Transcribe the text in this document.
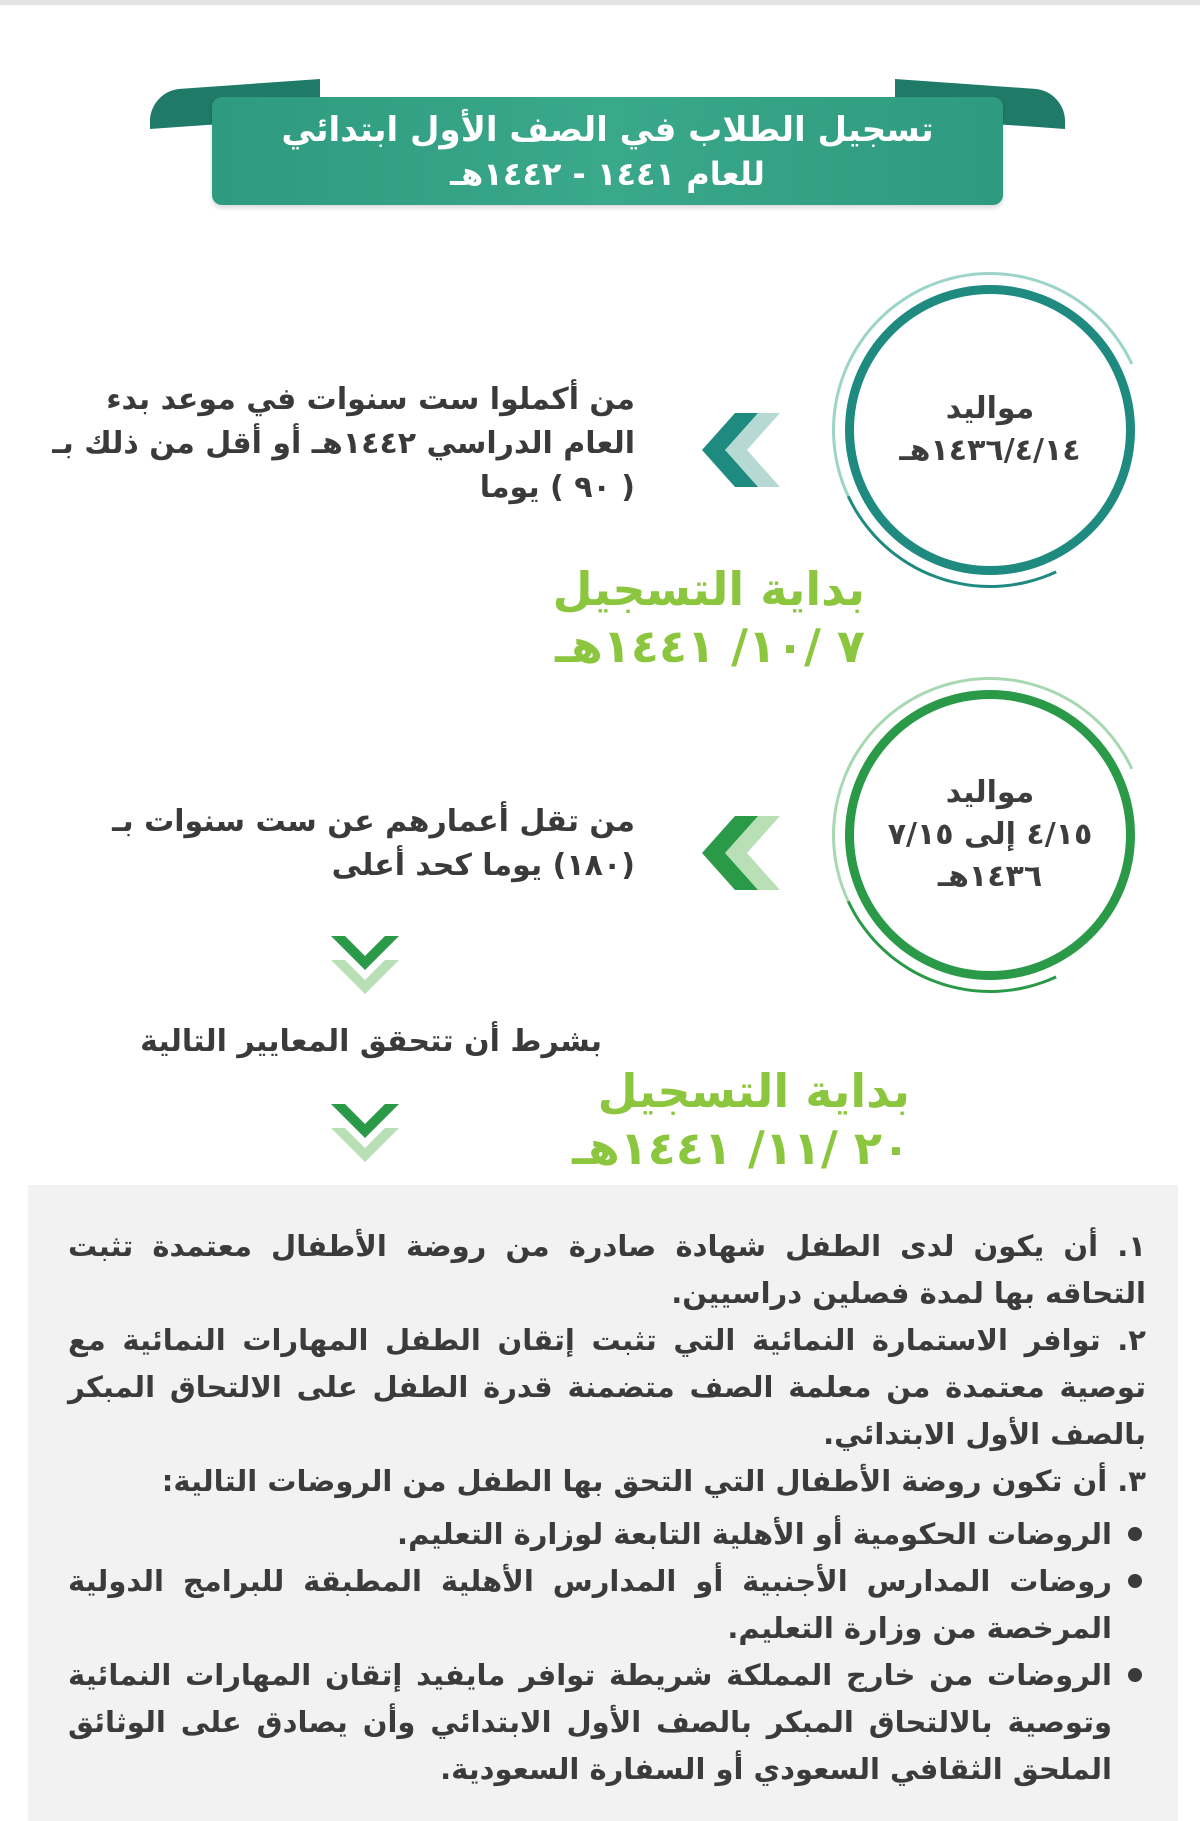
تسجيل الطلاب في الصف الأول ابتدائي
للعام ١٤٤١ - ١٤٤٢هـ
مواليد
١٤٣٦/٤/١٤هـ
من أكملوا ست سنوات في موعد بدء العام الدراسي ١٤٤٢هـ أو أقل من ذلك بـ ( ٩٠ ) يوما
بداية التسجيل
٧ /١٠/ ١٤٤١هـ
مواليد
٤/١٥ إلى ٧/١٥
١٤٣٦هـ
من تقل أعمارهم عن ست سنوات بـ (١٨٠) يوما كحد أعلى
بشرط أن تتحقق المعايير التالية
بداية التسجيل
٢٠ /١١/ ١٤٤١هـ

١. أن يكون لدى الطفل شهادة صادرة من روضة الأطفال معتمدة تثبت التحاقه بها لمدة فصلين دراسيين.

٢. توافر الاستمارة النمائية التي تثبت إتقان الطفل المهارات النمائية مع توصية معتمدة من معلمة الصف متضمنة قدرة الطفل على الالتحاق المبكر بالصف الأول الابتدائي.

٣. أن تكون روضة الأطفال التي التحق بها الطفل من الروضات التالية:

الروضات الحكومية أو الأهلية التابعة لوزارة التعليم.
روضات المدارس الأجنبية أو المدارس الأهلية المطبقة للبرامج الدولية المرخصة من وزارة التعليم.
الروضات من خارج المملكة شريطة توافر مايفيد إتقان المهارات النمائية وتوصية بالالتحاق المبكر بالصف الأول الابتدائي وأن يصادق على الوثائق الملحق الثقافي السعودي أو السفارة السعودية.
